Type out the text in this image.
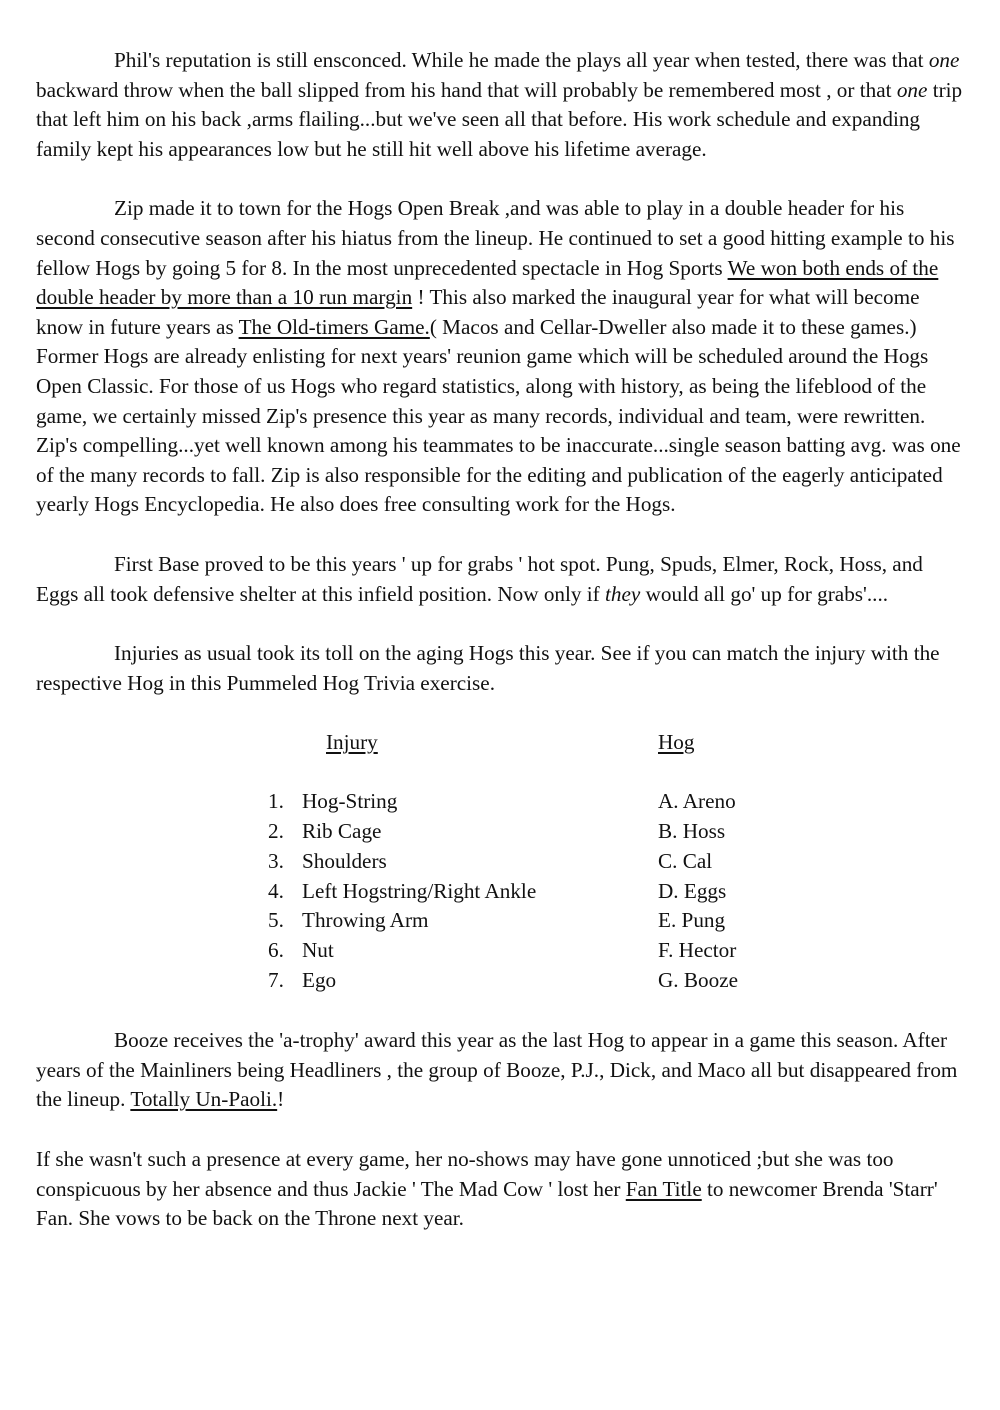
Phil's reputation is still ensconced. While he made the plays all year when tested, there was that one backward throw when the ball slipped from his hand that will probably be remembered most , or that one trip that left him on his back ,arms flailing...but we've seen all that before. His work schedule and expanding family kept his appearances low but he still hit well above his lifetime average.

Zip made it to town for the Hogs Open Break ,and was able to play in a double header for his second consecutive season after his hiatus from the lineup. He continued to set a good hitting example to his fellow Hogs by going 5 for 8. In the most unprecedented spectacle in Hog Sports We won both ends of the double header by more than a 10 run margin ! This also marked the inaugural year for what will become know in future years as The Old-timers Game.( Macos and Cellar-Dweller also made it to these games.) Former Hogs are already enlisting for next years' reunion game which will be scheduled around the Hogs Open Classic. For those of us Hogs who regard statistics, along with history, as being the lifeblood of the game, we certainly missed Zip's presence this year as many records, individual and team, were rewritten. Zip's compelling...yet well known among his teammates to be inaccurate...single season batting avg. was one of the many records to fall. Zip is also responsible for the editing and publication of the eagerly anticipated yearly Hogs Encyclopedia. He also does free consulting work for the Hogs.

First Base proved to be this years ' up for grabs ' hot spot. Pung, Spuds, Elmer, Rock, Hoss, and Eggs all took defensive shelter at this infield position. Now only if they would all go' up for grabs'....

Injuries as usual took its toll on the aging Hogs this year. See if you can match the injury with the respective Hog in this Pummeled Hog Trivia exercise.

Injury	Hog
1. Hog-String
2. Rib Cage
3. Shoulders
4. Left Hogstring/Right Ankle
5. Throwing Arm
6. Nut
7. Ego
A. Areno
B. Hoss
C. Cal
D. Eggs
E. Pung
F. Hector
G. Booze

Booze receives the 'a-trophy' award this year as the last Hog to appear in a game this season. After years of the Mainliners being Headliners , the group of Booze, P.J., Dick, and Maco all but disappeared from the lineup. Totally Un-Paoli.!

If she wasn't such a presence at every game, her no-shows may have gone unnoticed ;but she was too conspicuous by her absence and thus Jackie ' The Mad Cow ' lost her Fan Title to newcomer Brenda 'Starr' Fan. She vows to be back on the Throne next year.
